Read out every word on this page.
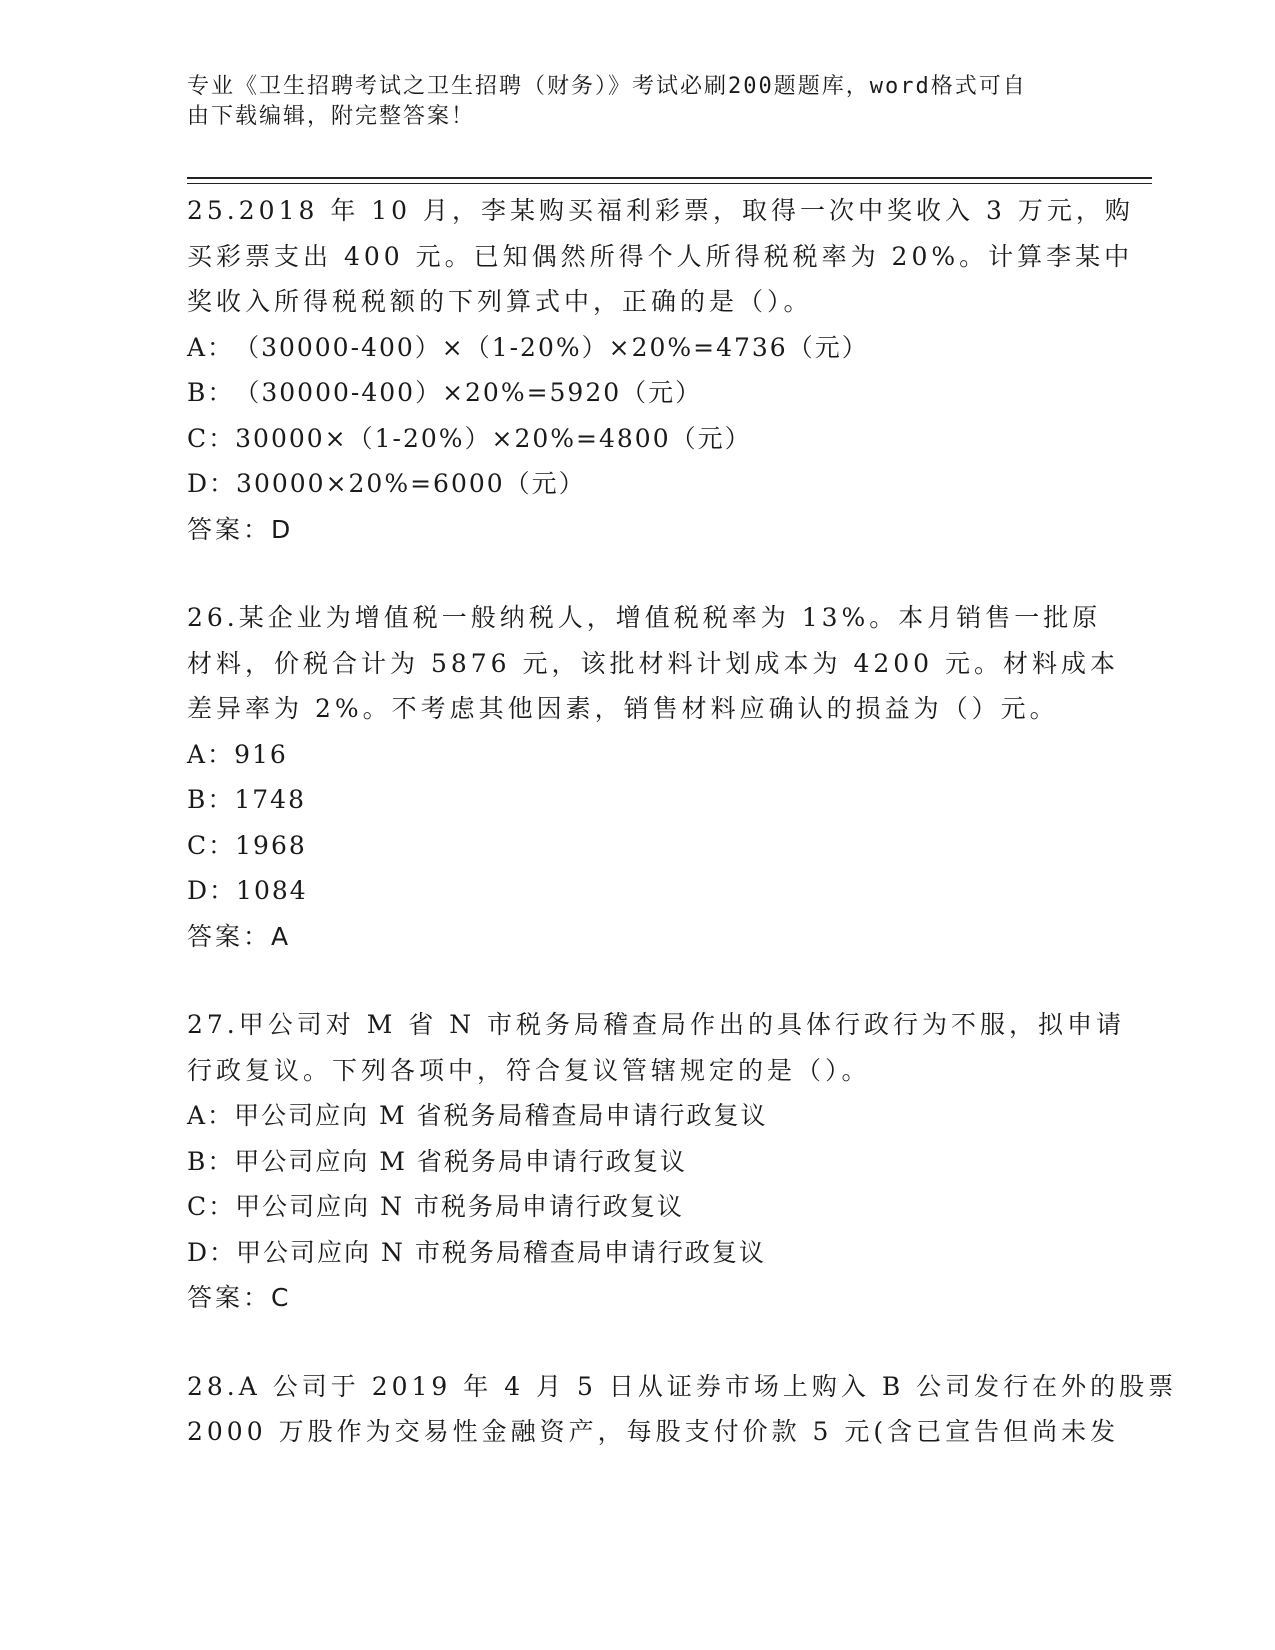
专业《卫生招聘考试之卫生招聘（财务）》考试必刷200题题库，word格式可自
由下载编辑，附完整答案！

25.2018 年 10 月，李某购买福利彩票，取得一次中奖收入 3 万元，购

买彩票支出 400 元。已知偶然所得个人所得税税率为 20%。计算李某中

奖收入所得税税额的下列算式中，正确的是（）。

A：（30000-400）×（1-20%）×20%=4736（元）

B：（30000-400）×20%=5920（元）

C：30000×（1-20%）×20%=4800（元）

D：30000×20%=6000（元）

答案：D

26.某企业为增值税一般纳税人，增值税税率为 13%。本月销售一批原

材料，价税合计为 5876 元，该批材料计划成本为 4200 元。材料成本

差异率为 2%。不考虑其他因素，销售材料应确认的损益为（）元。

A：916

B：1748

C：1968

D：1084

答案：A

27.甲公司对 M 省 N 市税务局稽查局作出的具体行政行为不服，拟申请

行政复议。下列各项中，符合复议管辖规定的是（）。

A：甲公司应向 M 省税务局稽查局申请行政复议

B：甲公司应向 M 省税务局申请行政复议

C：甲公司应向 N 市税务局申请行政复议

D：甲公司应向 N 市税务局稽查局申请行政复议

答案：C

28.A 公司于 2019 年 4 月 5 日从证券市场上购入 B 公司发行在外的股票

2000 万股作为交易性金融资产，每股支付价款 5 元(含已宣告但尚未发
